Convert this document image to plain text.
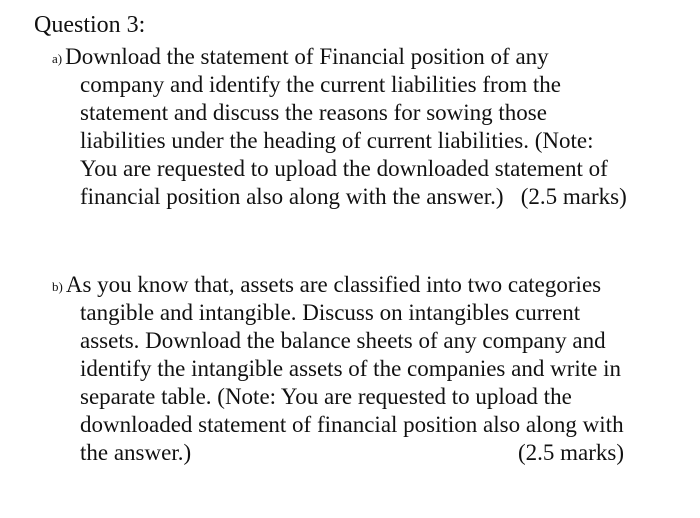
Question 3:
a) Download the statement of Financial position of any
company and identify the current liabilities from the
statement and discuss the reasons for sowing those
liabilities under the heading of current liabilities. (Note:
You are requested to upload the downloaded statement of
financial position also along with the answer.)   (2.5 marks)
b) As you know that, assets are classified into two categories
tangible and intangible. Discuss on intangibles current
assets. Download the balance sheets of any company and
identify the intangible assets of the companies and write in
separate table. (Note: You are requested to upload the
downloaded statement of financial position also along with
the answer.)	(2.5 marks)
